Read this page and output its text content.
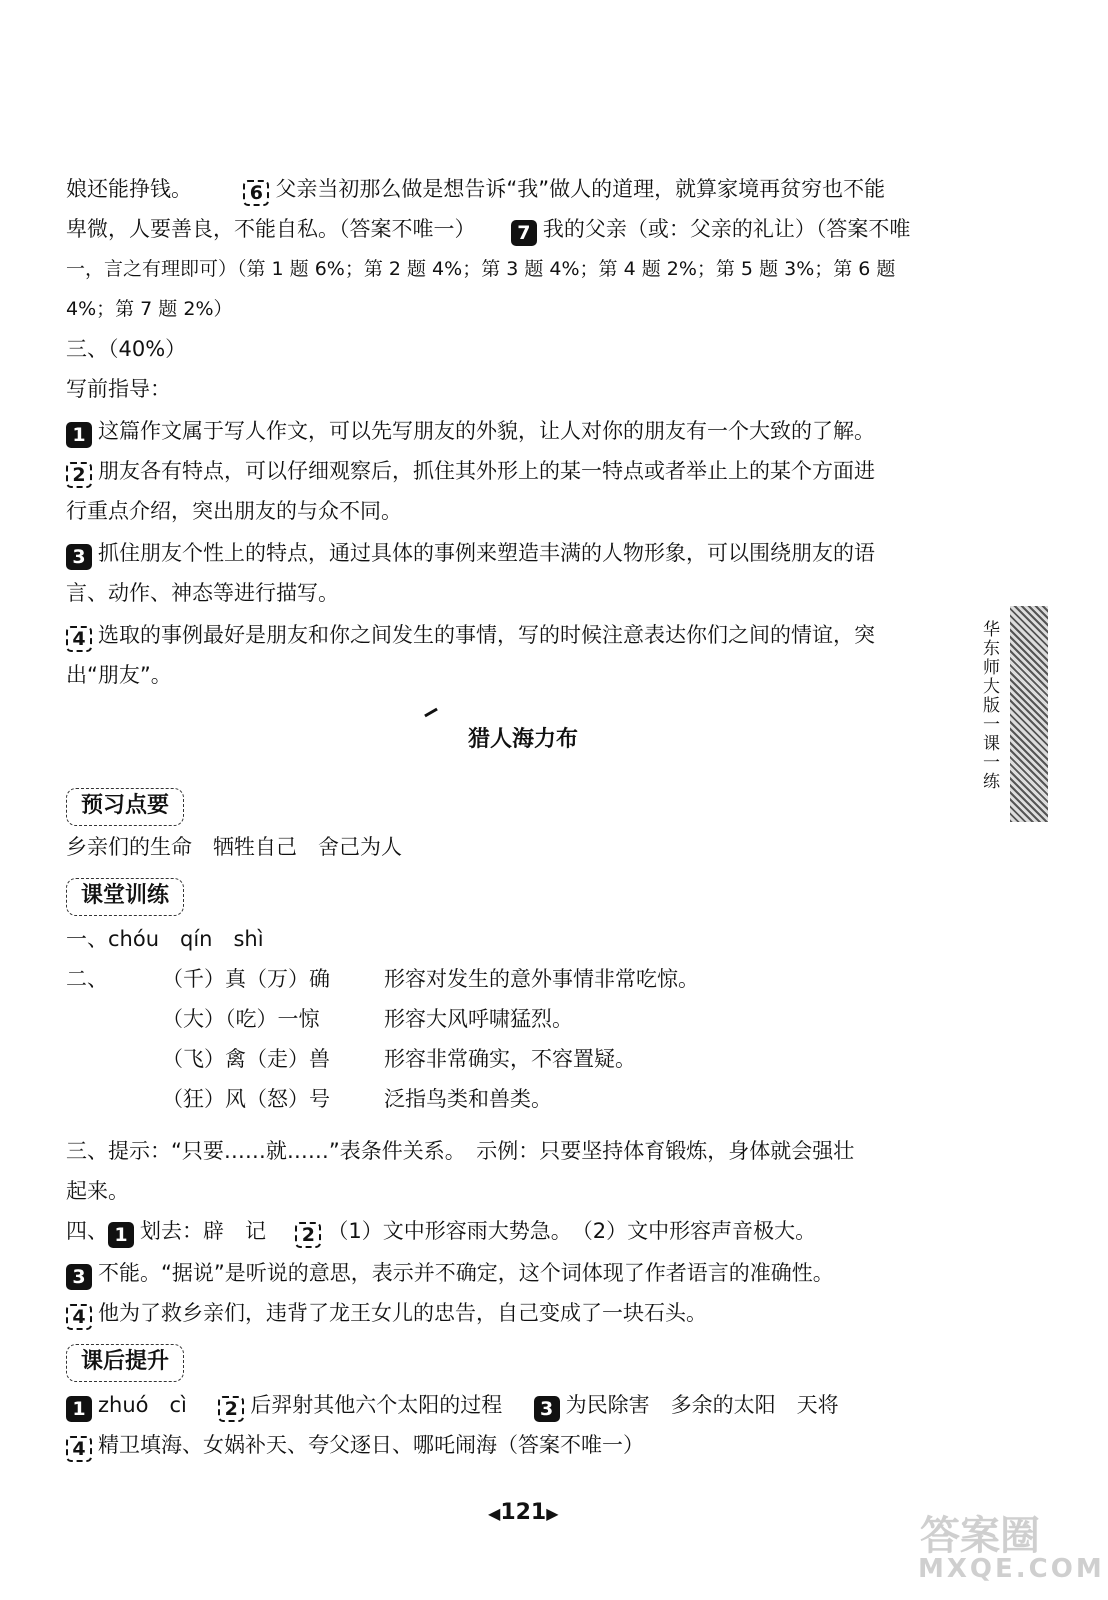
娘还能挣钱。	6 父亲当初那么做是想告诉“我”做人的道理，就算家境再贫穷也不能
卑微，人要善良，不能自私。（答案不唯一） 7 我的父亲（或：父亲的礼让）（答案不唯
一，言之有理即可）（第 1 题 6%；第 2 题 4%；第 3 题 4%；第 4 题 2%；第 5 题 3%；第 6 题
4%；第 7 题 2%）
三、（40%）
写前指导：
1 这篇作文属于写人作文，可以先写朋友的外貌，让人对你的朋友有一个大致的了解。
2 朋友各有特点，可以仔细观察后，抓住其外形上的某一特点或者举止上的某个方面进
行重点介绍，突出朋友的与众不同。
3 抓住朋友个性上的特点，通过具体的事例来塑造丰满的人物形象，可以围绕朋友的语
言、动作、神态等进行描写。
4 选取的事例最好是朋友和你之间发生的事情，写的时候注意表达你们之间的情谊，突
出“朋友”。	华东师大版一课一练
猎人海力布
预习点要
乡亲们的生命　牺牲自己　舍己为人
课堂训练
一、chóu　qín　shì
二、	（千）真（万）确	形容对发生的意外事情非常吃惊。
（大）（吃）一惊	形容大风呼啸猛烈。
（飞）禽（走）兽	形容非常确实，不容置疑。
（狂）风（怒）号	泛指鸟类和兽类。
三、提示：“只要……就……”表条件关系。　示例：只要坚持体育锻炼，身体就会强壮
起来。
四、 1 划去：辟　记 2 （1）文中形容雨大势急。　（2）文中形容声音极大。
3 不能。“据说”是听说的意思，表示并不确定，这个词体现了作者语言的准确性。
4 他为了救乡亲们，违背了龙王女儿的忠告，自己变成了一块石头。
课后提升
1 zhuó　cì 2 后羿射其他六个太阳的过程 3 为民除害　多余的太阳　天将
4 精卫填海、女娲补天、夸父逐日、哪吒闹海（答案不唯一）
◀121▶	答案圈
MXQE.COM
